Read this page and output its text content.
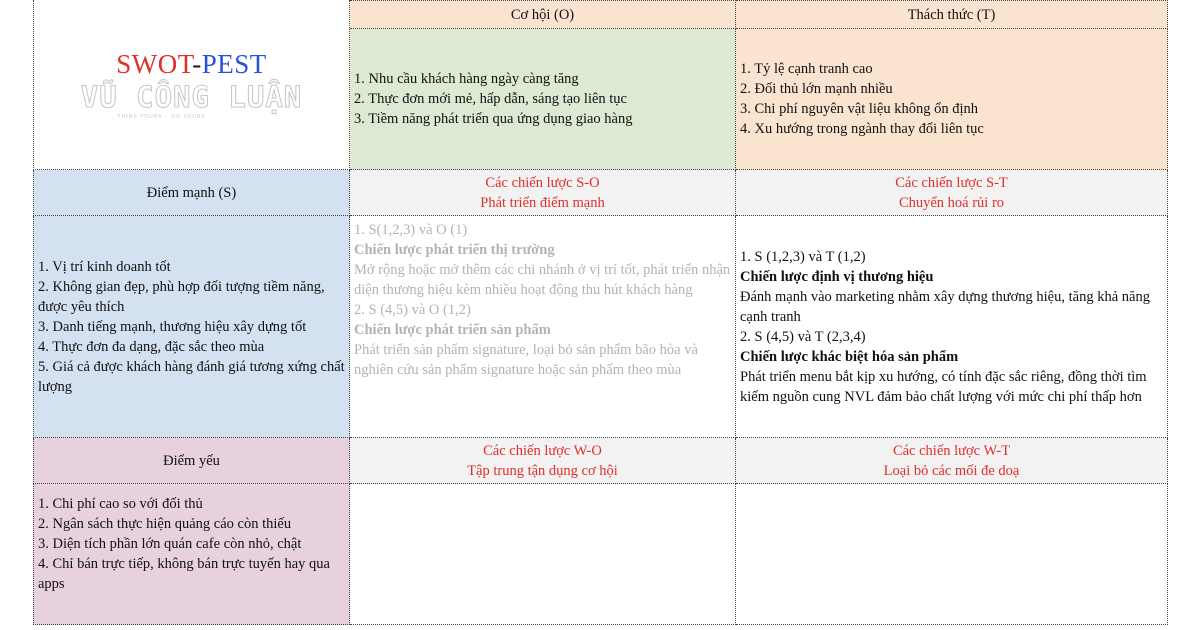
SWOT-PEST
VŨ CÔNG LUẬN
THINK YOURS – DO YOURS
Cơ hội (O)	Thách thức (T)
1. Nhu cầu khách hàng ngày càng tăng
2. Thực đơn mới mẻ, hấp dẫn, sáng tạo liên tục
3. Tiềm năng phát triển qua ứng dụng giao hàng
1. Tỷ lệ cạnh tranh cao
2. Đối thủ lớn mạnh nhiều
3. Chi phí nguyên vật liệu không ổn định
4. Xu hướng trong ngành thay đổi liên tục
Điểm mạnh (S)
Các chiến lược S-O
Phát triển điểm mạnh
Các chiến lược S-T
Chuyển hoá rủi ro
1. Vị trí kinh doanh tốt
2. Không gian đẹp, phù hợp đối tượng tiềm năng, được yêu thích
3. Danh tiếng mạnh, thương hiệu xây dựng tốt
4. Thực đơn đa dạng, đặc sắc theo mùa
5. Giá cả được khách hàng đánh giá tương xứng chất lượng
1. S(1,2,3) và O (1)
Chiến lược phát triển thị trường
Mở rộng hoặc mở thêm các chi nhánh ở vị trí tốt, phát triển nhận diện thương hiệu kèm nhiều hoạt động thu hút khách hàng
2. S (4,5) và O (1,2)
Chiến lược phát triển sản phẩm
Phát triển sản phẩm signature, loại bỏ sản phẩm bão hòa và nghiên cứu sản phẩm signature hoặc sản phẩm theo mùa
1. S (1,2,3) và T (1,2)
Chiến lược định vị thương hiệu
Đánh mạnh vào marketing nhằm xây dựng thương hiệu, tăng khả năng cạnh tranh
2. S (4,5) và T (2,3,4)
Chiến lược khác biệt hóa sản phẩm
Phát triển menu bắt kịp xu hướng, có tính đặc sắc riêng, đồng thời tìm kiếm nguồn cung NVL đảm bảo chất lượng với mức chi phí thấp hơn
Điểm yếu
Các chiến lược W-O
Tập trung tận dụng cơ hội
Các chiến lược W-T
Loại bỏ các mối đe doạ
1. Chi phí cao so với đối thủ
2. Ngân sách thực hiện quảng cáo còn thiếu
3. Diện tích phần lớn quán cafe còn nhỏ, chật
4. Chỉ bán trực tiếp, không bán trực tuyến hay qua apps
